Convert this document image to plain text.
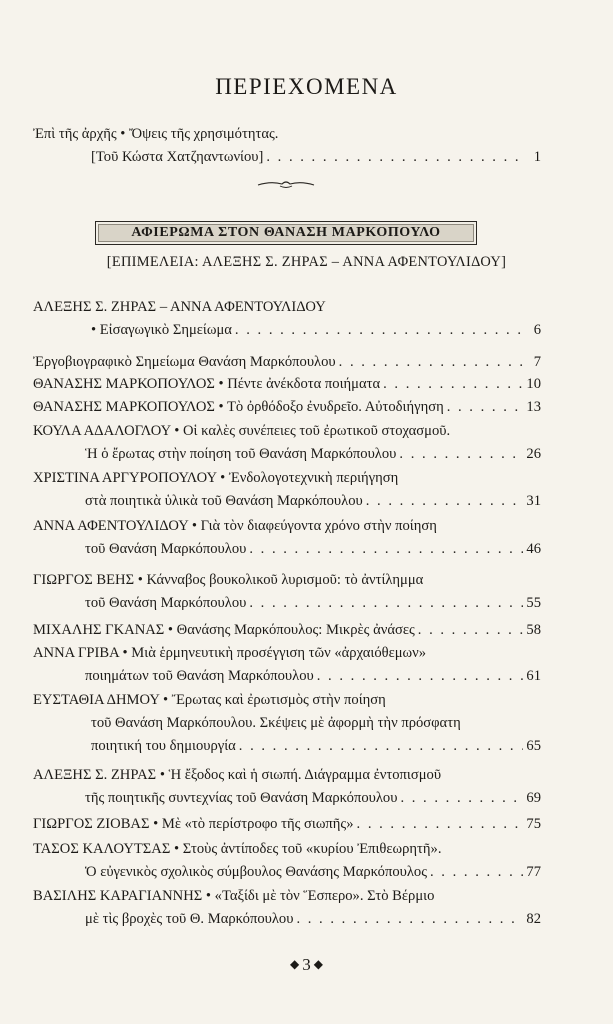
ΠΕΡΙΕΧΟΜΕΝΑ
Ἐπὶ τῆς ἀρχῆς • Ὄψεις τῆς χρησιμότητας.
[Τοῦ Κώστα Χατζηαντωνίου] . . .	1
ΑΦΙΕΡΩΜΑ ΣΤΟΝ ΘΑΝΑΣΗ ΜΑΡΚΟΠΟΥΛΟ
[ΕΠΙΜΕΛΕΙΑ: ΑΛΕΞΗΣ Σ. ΖΗΡΑΣ – ΑΝΝΑ ΑΦΕΝΤΟΥΛΙΔΟΥ]
ΑΛΕΞΗΣ Σ. ΖΗΡΑΣ – ΑΝΝΑ ΑΦΕΝΤΟΥΛΙΔΟΥ
• Εἰσαγωγικὸ Σημείωμα . . .	6
Ἐργοβιογραφικὸ Σημείωμα Θανάση Μαρκόπουλου . . .	7
ΘΑΝΑΣΗΣ ΜΑΡΚΟΠΟΥΛΟΣ • Πέντε ἀνέκδοτα ποιήματα . . .	10
ΘΑΝΑΣΗΣ ΜΑΡΚΟΠΟΥΛΟΣ • Τὸ ὀρθόδοξο ἐνυδρεῖο. Αὐτοδιήγηση . . .	13
ΚΟΥΛΑ ΑΔΑΛΟΓΛΟΥ • Οἱ καλὲς συνέπειες τοῦ ἐρωτικοῦ στοχασμοῦ.
Ἡ ὁ ἔρωτας στὴν ποίηση τοῦ Θανάση Μαρκόπουλου . . .	26
ΧΡΙΣΤΙΝΑ ΑΡΓΥΡΟΠΟΥΛΟΥ • Ἐνδολογοτεχνικὴ περιήγηση
στὰ ποιητικὰ ὑλικὰ τοῦ Θανάση Μαρκόπουλου . . .	31
ΑΝΝΑ ΑΦΕΝΤΟΥΛΙΔΟΥ • Γιὰ τὸν διαφεύγοντα χρόνο στὴν ποίηση
τοῦ Θανάση Μαρκόπουλου . . .	46
ΓΙΩΡΓΟΣ ΒΕΗΣ • Κάνναβος βουκολικοῦ λυρισμοῦ: τὸ ἀντίλημμα
τοῦ Θανάση Μαρκόπουλου . . .	55
ΜΙΧΑΛΗΣ ΓΚΑΝΑΣ • Θανάσης Μαρκόπουλος: Μικρὲς ἀνάσες . . .	58
ΑΝΝΑ ΓΡΙΒΑ • Μιὰ ἑρμηνευτικὴ προσέγγιση τῶν «ἀρχαιόθεμων»
ποιημάτων τοῦ Θανάση Μαρκόπουλου . . .	61
ΕΥΣΤΑΘΙΑ ΔΗΜΟΥ • Ἔρωτας καὶ ἐρωτισμὸς στὴν ποίηση
τοῦ Θανάση Μαρκόπουλου. Σκέψεις μὲ ἀφορμὴ τὴν πρόσφατη
ποιητική του δημιουργία . . .	65
ΑΛΕΞΗΣ Σ. ΖΗΡΑΣ • Ἡ ἔξοδος καὶ ἡ σιωπή. Διάγραμμα ἐντοπισμοῦ
τῆς ποιητικῆς συντεχνίας τοῦ Θανάση Μαρκόπουλου . . .	69
ΓΙΩΡΓΟΣ ΖΙΟΒΑΣ • Μὲ «τὸ περίστροφο τῆς σιωπῆς» . . .	75
ΤΑΣΟΣ ΚΑΛΟΥΤΣΑΣ • Στοὺς ἀντίποδες τοῦ «κυρίου Ἐπιθεωρητῆ».
Ὁ εὐγενικὸς σχολικὸς σύμβουλος Θανάσης Μαρκόπουλος . . .	77
ΒΑΣΙΛΗΣ ΚΑΡΑΓΙΑΝΝΗΣ • «Ταξίδι μὲ τὸν Ἕσπερο». Στὸ Βέρμιο
μὲ τὶς βροχὲς τοῦ Θ. Μαρκόπουλου . . .	82
◆ 3 ◆
